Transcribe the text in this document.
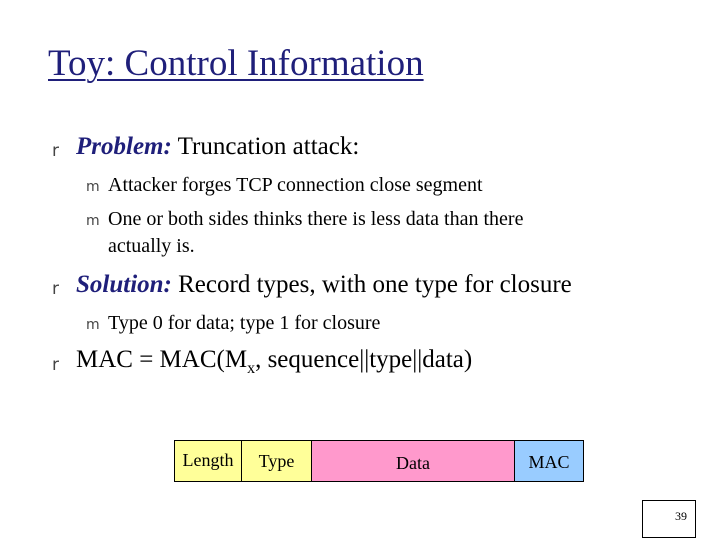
Toy: Control Information
r Problem: Truncation attack:
m Attacker forges TCP connection close segment
m One or both sides thinks there is less data than there
actually is.
r Solution: Record types, with one type for closure
m Type 0 for data; type 1 for closure
r MAC = $MAC(M_x$, sequence||type||data)
Length Type	Data	MAC
39
